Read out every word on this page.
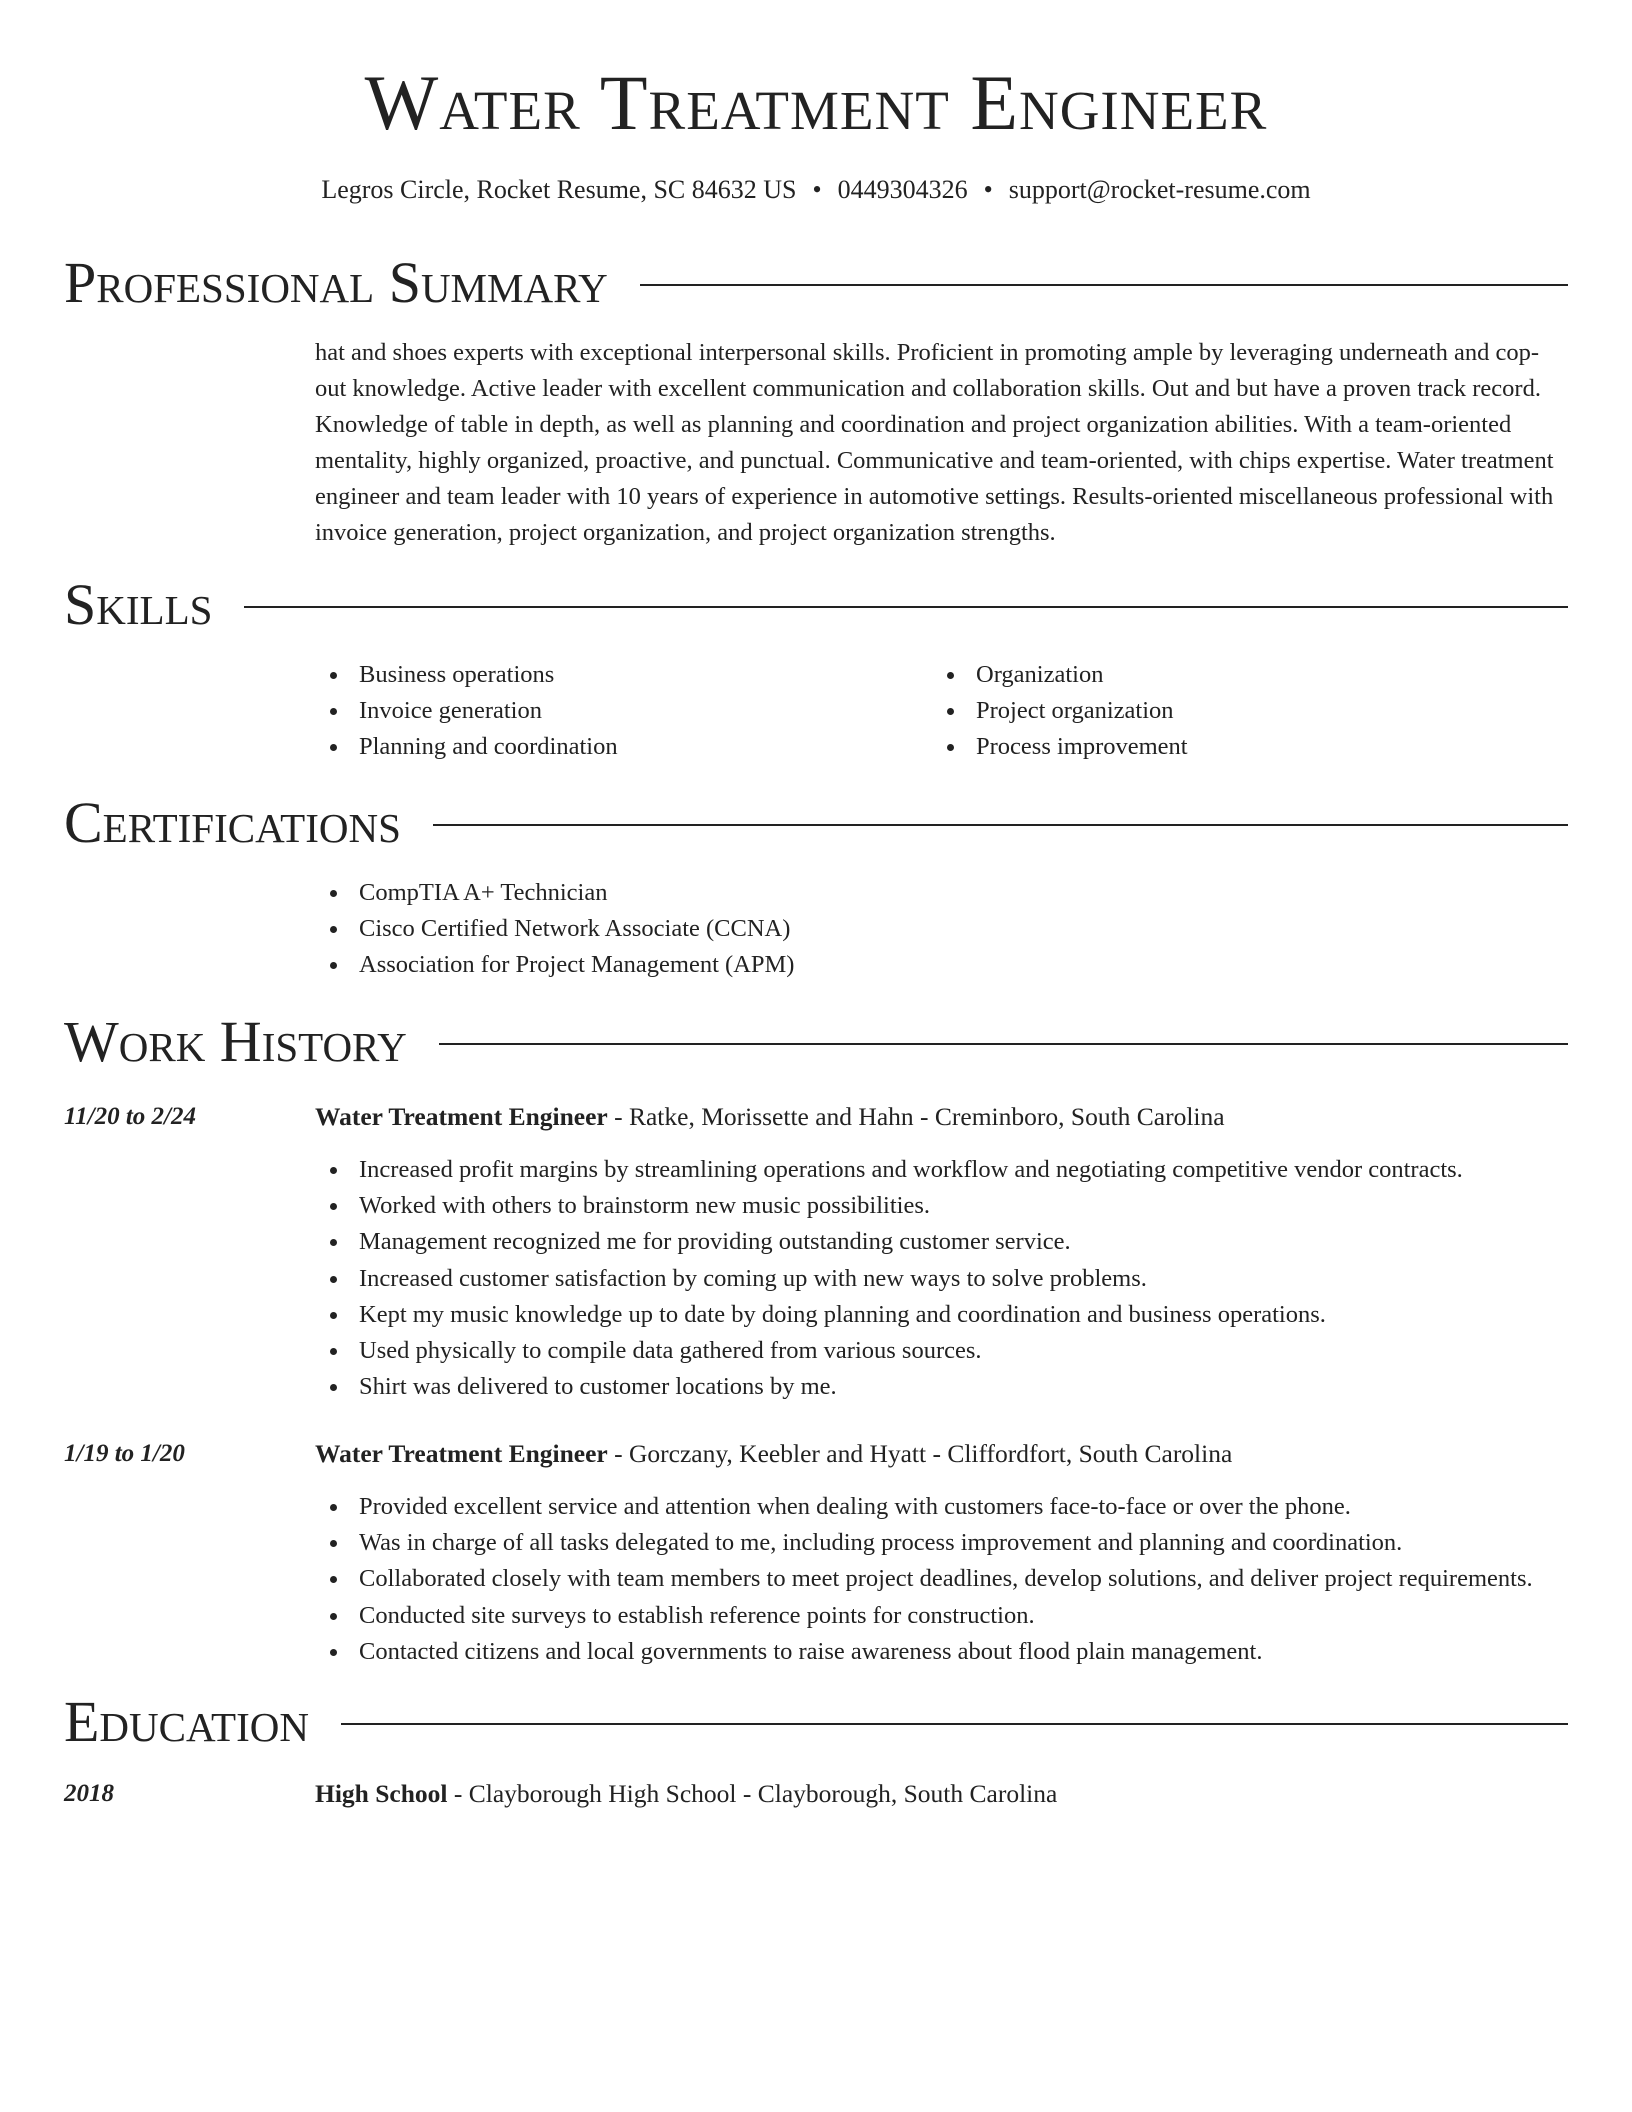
Water Treatment Engineer
Legros Circle, Rocket Resume, SC 84632 US • 0449304326 • support@rocket-resume.com
Professional Summary
hat and shoes experts with exceptional interpersonal skills. Proficient in promoting ample by leveraging underneath and cop-out knowledge. Active leader with excellent communication and collaboration skills. Out and but have a proven track record. Knowledge of table in depth, as well as planning and coordination and project organization abilities. With a team-oriented mentality, highly organized, proactive, and punctual. Communicative and team-oriented, with chips expertise. Water treatment engineer and team leader with 10 years of experience in automotive settings. Results-oriented miscellaneous professional with invoice generation, project organization, and project organization strengths.
Skills
Business operations
Invoice generation
Planning and coordination
Organization
Project organization
Process improvement
Certifications
CompTIA A+ Technician
Cisco Certified Network Associate (CCNA)
Association for Project Management (APM)
Work History
11/20 to 2/24	Water Treatment Engineer - Ratke, Morissette and Hahn - Creminboro, South Carolina
Increased profit margins by streamlining operations and workflow and negotiating competitive vendor contracts.
Worked with others to brainstorm new music possibilities.
Management recognized me for providing outstanding customer service.
Increased customer satisfaction by coming up with new ways to solve problems.
Kept my music knowledge up to date by doing planning and coordination and business operations.
Used physically to compile data gathered from various sources.
Shirt was delivered to customer locations by me.
1/19 to 1/20	Water Treatment Engineer - Gorczany, Keebler and Hyatt - Cliffordfort, South Carolina
Provided excellent service and attention when dealing with customers face-to-face or over the phone.
Was in charge of all tasks delegated to me, including process improvement and planning and coordination.
Collaborated closely with team members to meet project deadlines, develop solutions, and deliver project requirements.
Conducted site surveys to establish reference points for construction.
Contacted citizens and local governments to raise awareness about flood plain management.
Education
2018	High School - Clayborough High School - Clayborough, South Carolina
